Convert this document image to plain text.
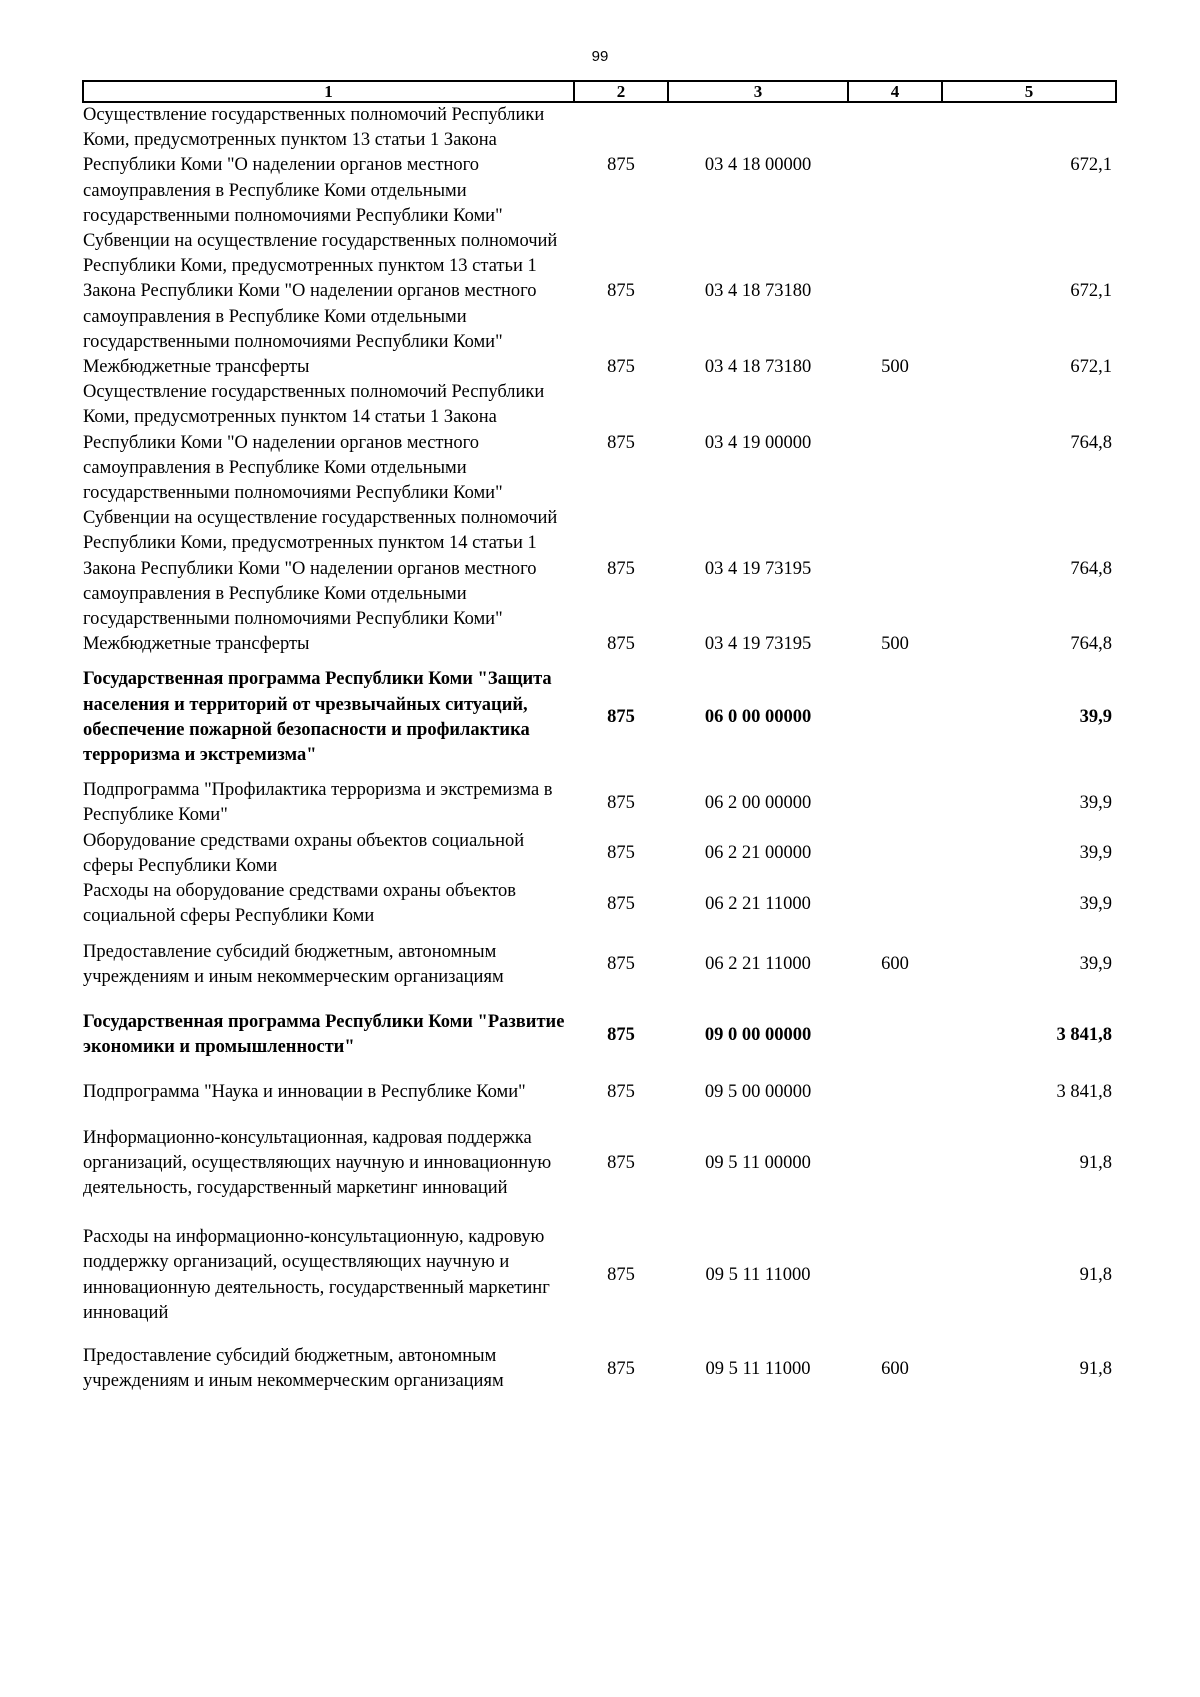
99
1	2	3	4	5
Осуществление государственных полномочий Республики Коми, предусмотренных пунктом 13 статьи 1 Закона Республики Коми "О наделении органов местного самоуправления в Республике Коми отдельными государственными полномочиями Республики Коми"	875	03 4 18 00000		672,1
Субвенции на осуществление государственных полномочий Республики Коми, предусмотренных пунктом 13 статьи 1 Закона Республики Коми "О наделении органов местного самоуправления в Республике Коми отдельными государственными полномочиями Республики Коми"	875	03 4 18 73180		672,1
Межбюджетные трансферты	875	03 4 18 73180	500	672,1
Осуществление государственных полномочий Республики Коми, предусмотренных пунктом 14 статьи 1 Закона Республики Коми "О наделении органов местного самоуправления в Республике Коми отдельными государственными полномочиями Республики Коми"	875	03 4 19 00000		764,8
Субвенции на осуществление государственных полномочий Республики Коми, предусмотренных пунктом 14 статьи 1 Закона Республики Коми "О наделении органов местного самоуправления в Республике Коми отдельными государственными полномочиями Республики Коми"	875	03 4 19 73195		764,8
Межбюджетные трансферты	875	03 4 19 73195	500	764,8
Государственная программа Республики Коми "Защита населения и территорий от чрезвычайных ситуаций, обеспечение пожарной безопасности и профилактика терроризма и экстремизма"	875	06 0 00 00000		39,9
Подпрограмма "Профилактика терроризма и экстремизма в Республике Коми"	875	06 2 00 00000		39,9
Оборудование средствами охраны объектов социальной сферы Республики Коми	875	06 2 21 00000		39,9
Расходы на оборудование средствами охраны объектов социальной сферы Республики Коми	875	06 2 21 11000		39,9
Предоставление субсидий бюджетным, автономным учреждениям и иным некоммерческим организациям	875	06 2 21 11000	600	39,9
Государственная программа Республики Коми "Развитие экономики и промышленности"	875	09 0 00 00000		3 841,8
Подпрограмма "Наука и инновации в Республике Коми"	875	09 5 00 00000		3 841,8
Информационно-консультационная, кадровая поддержка организаций, осуществляющих научную и инновационную деятельность, государственный маркетинг инноваций	875	09 5 11 00000		91,8
Расходы на информационно-консультационную, кадровую поддержку организаций, осуществляющих научную и инновационную деятельность, государственный маркетинг инноваций	875	09 5 11 11000		91,8
Предоставление субсидий бюджетным, автономным учреждениям и иным некоммерческим организациям	875	09 5 11 11000	600	91,8
